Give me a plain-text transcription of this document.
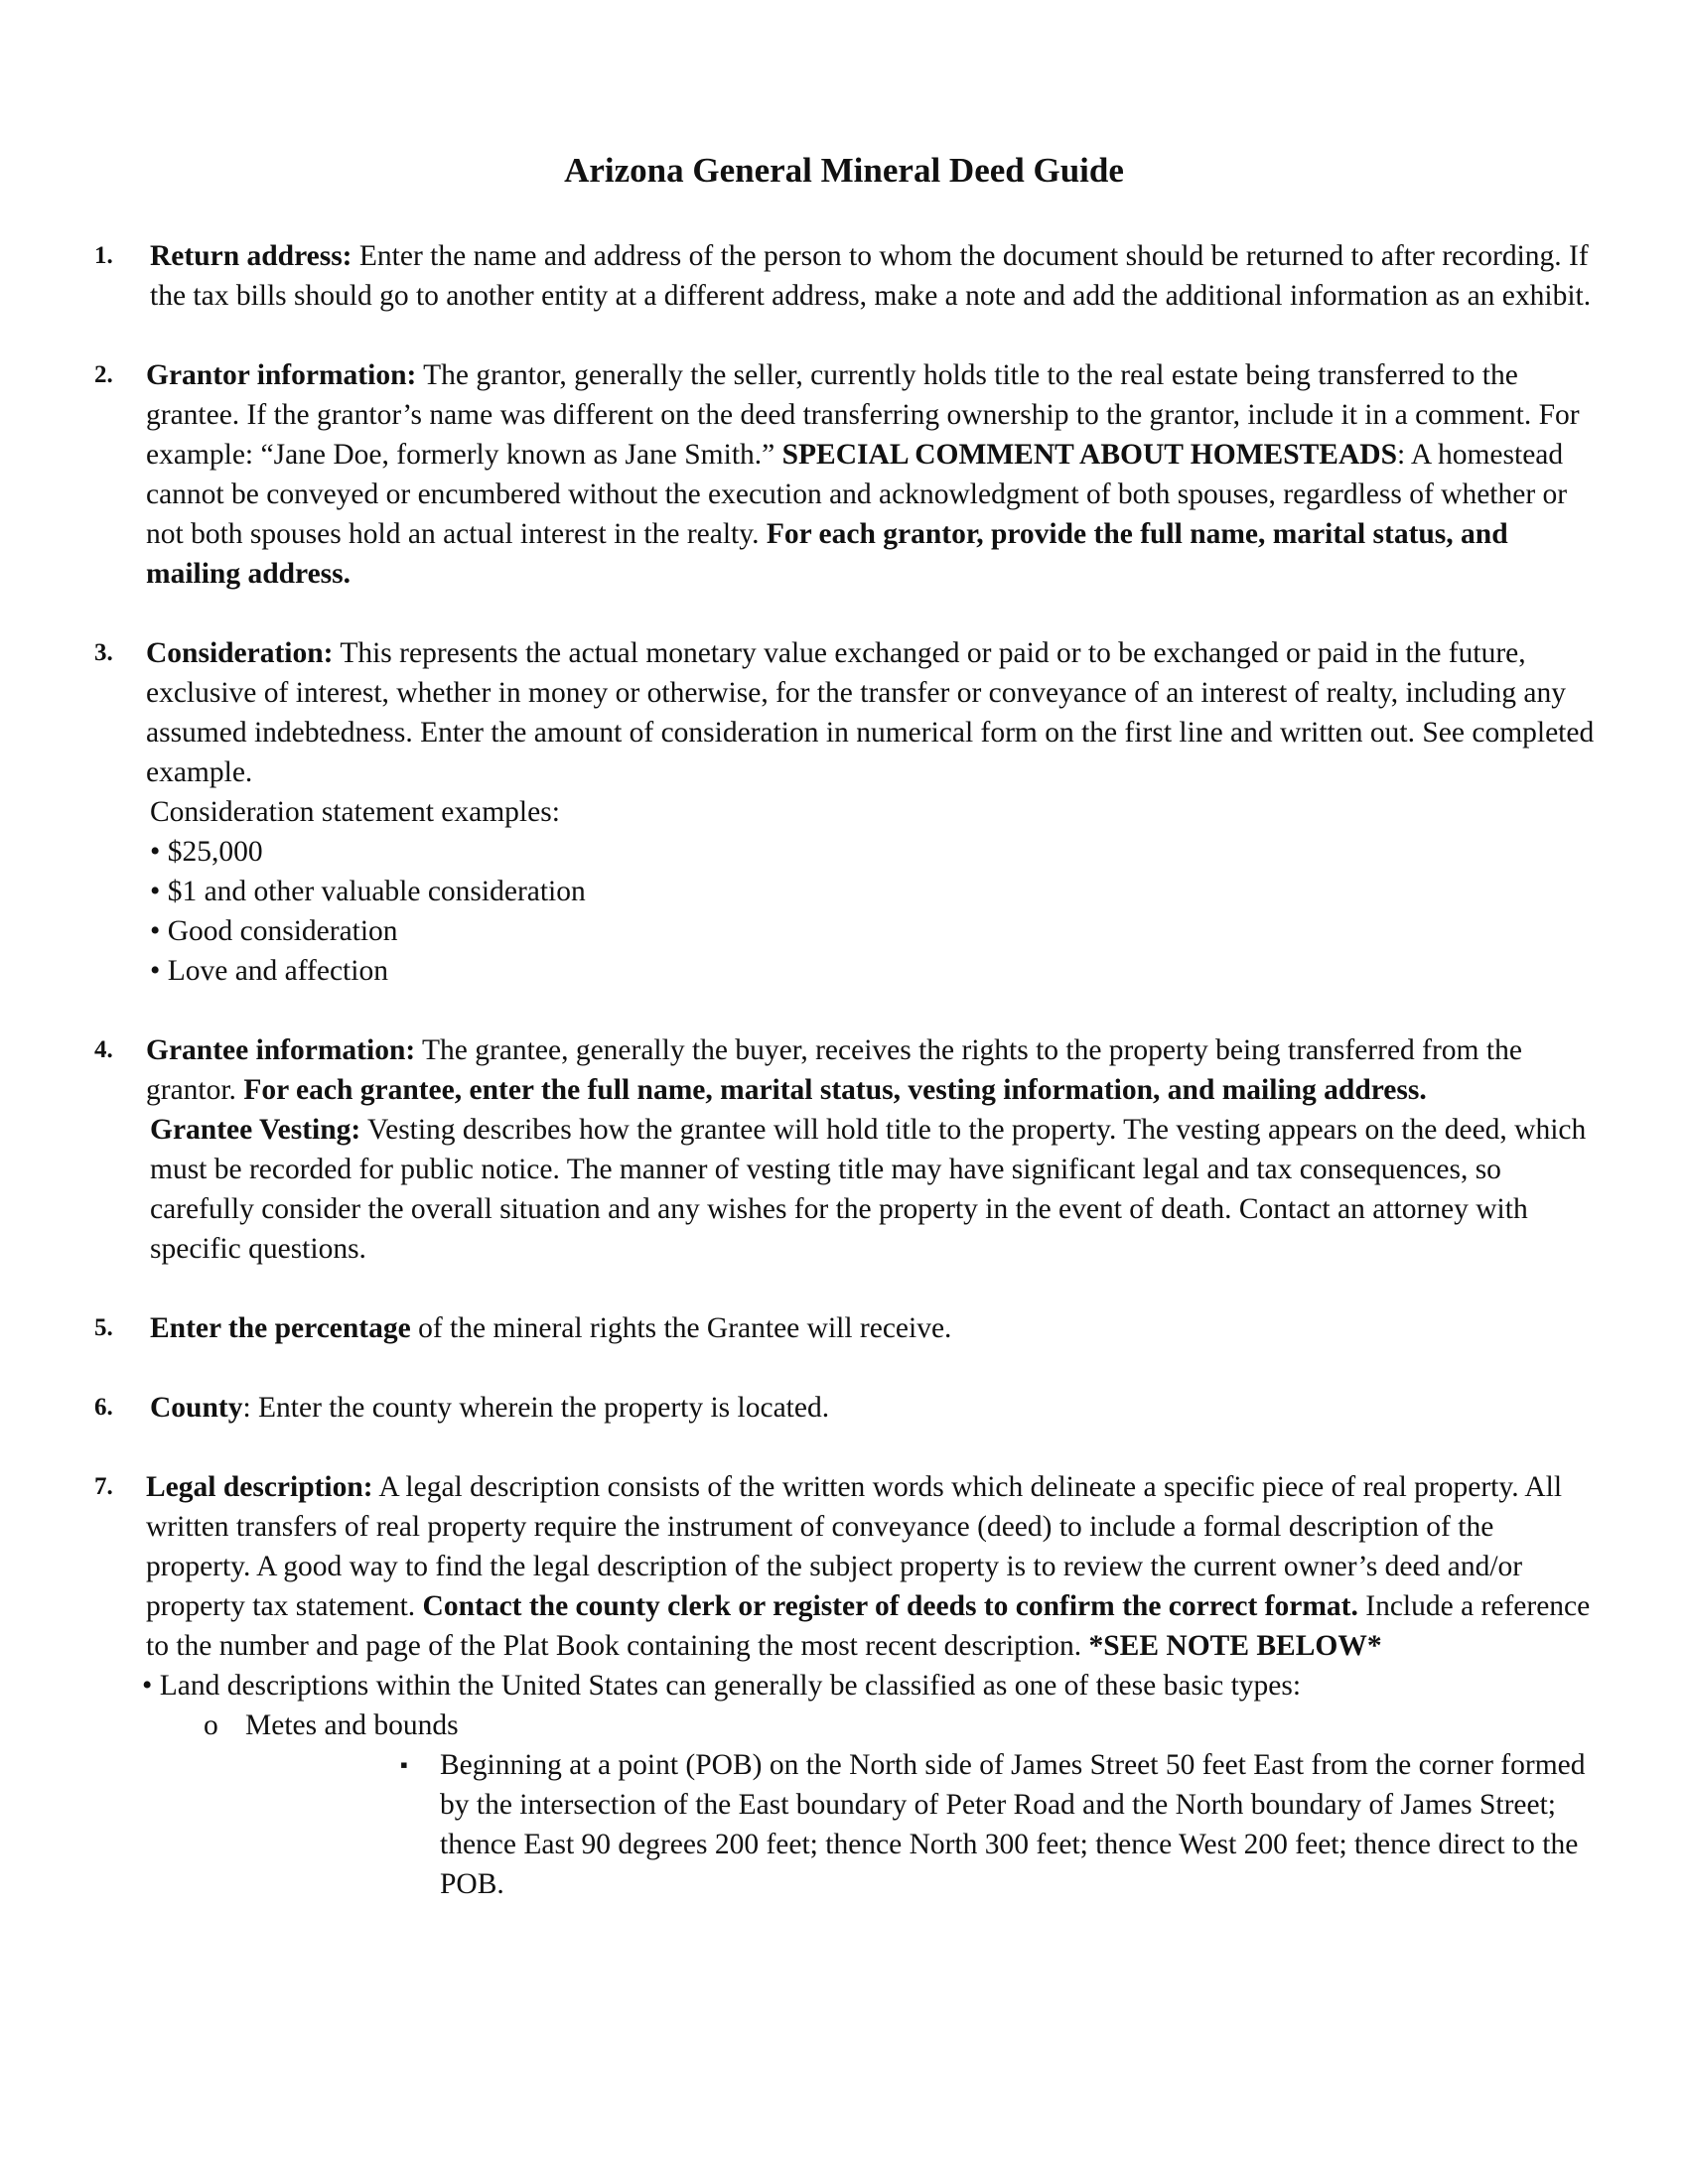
Arizona General Mineral Deed Guide
1. Return address: Enter the name and address of the person to whom the document should be returned to after recording. If the tax bills should go to another entity at a different address, make a note and add the additional information as an exhibit.

2. Grantor information: The grantor, generally the seller, currently holds title to the real estate being transferred to the grantee. If the grantor’s name was different on the deed transferring ownership to the grantor, include it in a comment. For example: “Jane Doe, formerly known as Jane Smith.” SPECIAL COMMENT ABOUT HOMESTEADS: A homestead cannot be conveyed or encumbered without the execution and acknowledgment of both spouses, regardless of whether or not both spouses hold an actual interest in the realty. For each grantor, provide the full name, marital status, and mailing address.

3. Consideration: This represents the actual monetary value exchanged or paid or to be exchanged or paid in the future, exclusive of interest, whether in money or otherwise, for the transfer or conveyance of an interest of realty, including any assumed indebtedness. Enter the amount of consideration in numerical form on the first line and written out. See completed example.

Consideration statement examples:

• $25,000
• $1 and other valuable consideration
• Good consideration
• Love and affection
4. Grantee information: The grantee, generally the buyer, receives the rights to the property being transferred from the grantor. For each grantee, enter the full name, marital status, vesting information, and mailing address.

Grantee Vesting: Vesting describes how the grantee will hold title to the property. The vesting appears on the deed, which must be recorded for public notice. The manner of vesting title may have significant legal and tax consequences, so carefully consider the overall situation and any wishes for the property in the event of death. Contact an attorney with specific questions.

5. Enter the percentage of the mineral rights the Grantee will receive.

6. County: Enter the county wherein the property is located.

7. Legal description: A legal description consists of the written words which delineate a specific piece of real property. All written transfers of real property require the instrument of conveyance (deed) to include a formal description of the property. A good way to find the legal description of the subject property is to review the current owner’s deed and/or property tax statement. Contact the county clerk or register of deeds to confirm the correct format. Include a reference to the number and page of the Plat Book containing the most recent description. *SEE NOTE BELOW*

• Land descriptions within the United States can generally be classified as one of these basic types:

o Metes and bounds
▪ Beginning at a point (POB) on the North side of James Street 50 feet East from the corner formed by the intersection of the East boundary of Peter Road and the North boundary of James Street; thence East 90 degrees 200 feet; thence North 300 feet; thence West 200 feet; thence direct to the POB.
